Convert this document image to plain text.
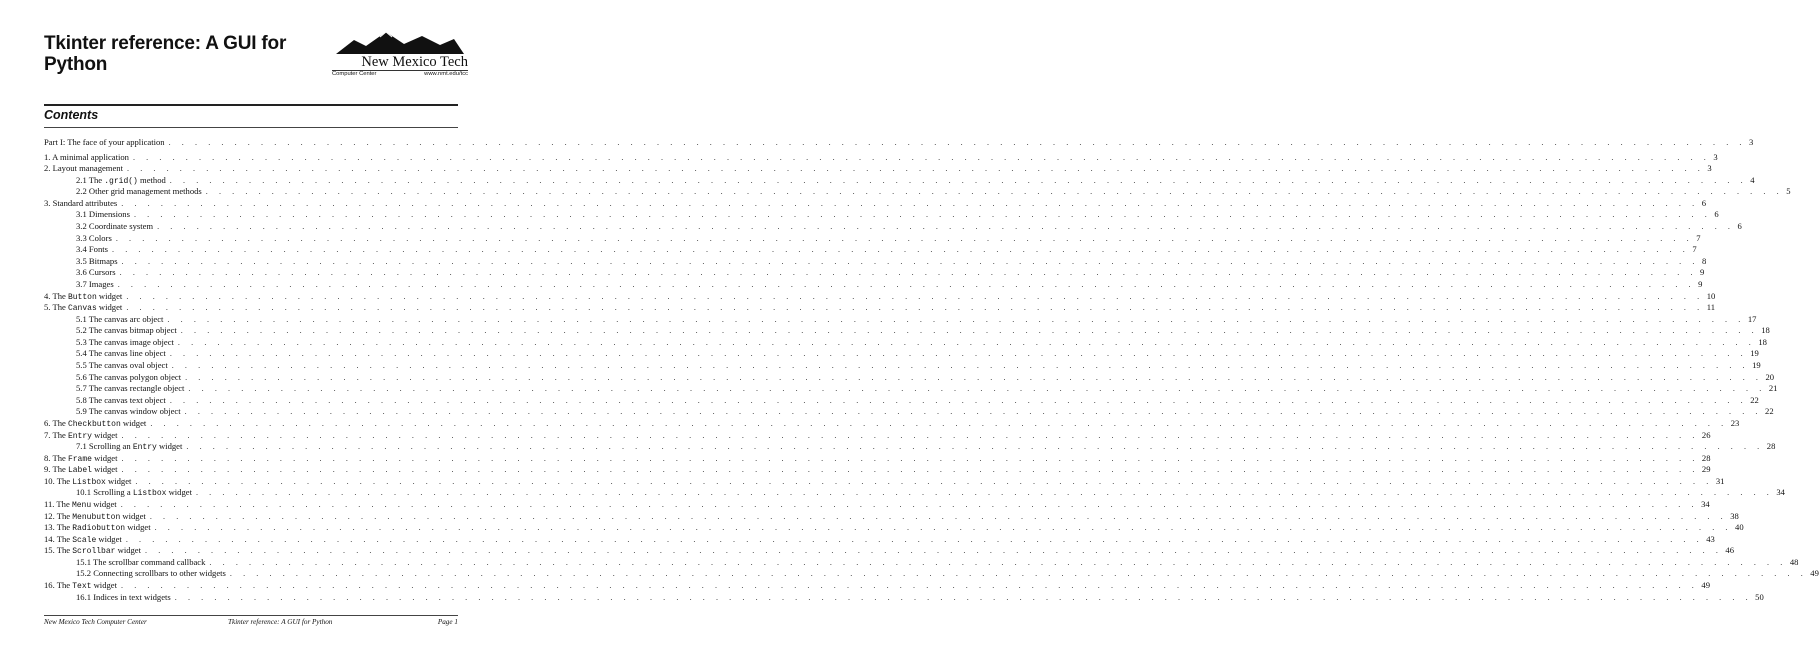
Tkinter reference: A GUI for
Python	New Mexico Tech
Computer Center	www.nmt.edu/tcc
Contents
Part I: The face of your application . . . . . . . . . . . . . . . . . . . . . . . . . . . . . . . . . . . . . . . . . . . . . . . . . . . . . . . . . . . . . . . . . . . . . . . . . . . . . . . . . . . . . . . . . . . . . . . . . . . . . . . . . . . . . . . . . . . . . . . . 3
1. A minimal application . . . . . . . . . . . . . . . . . . . . . . . . . . . . . . . . . . . . . . . . . . . . . . . . . . . . . . . . . . . . . . . . . . . . . . . . . . . . . . . . . . . . . . . . . . . . . . . . . . . . . . . . . . . . . . . . . . . . . . . . 3
2. Layout management . . . . . . . . . . . . . . . . . . . . . . . . . . . . . . . . . . . . . . . . . . . . . . . . . . . . . . . . . . . . . . . . . . . . . . . . . . . . . . . . . . . . . . . . . . . . . . . . . . . . . . . . . . . . . . . . . . . . . . . . 3
2.1 The .grid() method . . . . . . . . . . . . . . . . . . . . . . . . . . . . . . . . . . . . . . . . . . . . . . . . . . . . . . . . . . . . . . . . . . . . . . . . . . . . . . . . . . . . . . . . . . . . . . . . . . . . . . . . . . . . . . . . . . . . . . . . 4
2.2 Other grid management methods . . . . . . . . . . . . . . . . . . . . . . . . . . . . . . . . . . . . . . . . . . . . . . . . . . . . . . . . . . . . . . . . . . . . . . . . . . . . . . . . . . . . . . . . . . . . . . . . . . . . . . . . . . . . . . . . . . . . . . . . 5
3. Standard attributes . . . . . . . . . . . . . . . . . . . . . . . . . . . . . . . . . . . . . . . . . . . . . . . . . . . . . . . . . . . . . . . . . . . . . . . . . . . . . . . . . . . . . . . . . . . . . . . . . . . . . . . . . . . . . . . . . . . . . . . . 6
3.1 Dimensions . . . . . . . . . . . . . . . . . . . . . . . . . . . . . . . . . . . . . . . . . . . . . . . . . . . . . . . . . . . . . . . . . . . . . . . . . . . . . . . . . . . . . . . . . . . . . . . . . . . . . . . . . . . . . . . . . . . . . . . . 6
3.2 Coordinate system . . . . . . . . . . . . . . . . . . . . . . . . . . . . . . . . . . . . . . . . . . . . . . . . . . . . . . . . . . . . . . . . . . . . . . . . . . . . . . . . . . . . . . . . . . . . . . . . . . . . . . . . . . . . . . . . . . . . . . . . 6
3.3 Colors . . . . . . . . . . . . . . . . . . . . . . . . . . . . . . . . . . . . . . . . . . . . . . . . . . . . . . . . . . . . . . . . . . . . . . . . . . . . . . . . . . . . . . . . . . . . . . . . . . . . . . . . . . . . . . . . . . . . . . . . 7
3.4 Fonts . . . . . . . . . . . . . . . . . . . . . . . . . . . . . . . . . . . . . . . . . . . . . . . . . . . . . . . . . . . . . . . . . . . . . . . . . . . . . . . . . . . . . . . . . . . . . . . . . . . . . . . . . . . . . . . . . . . . . . . . 7
3.5 Bitmaps . . . . . . . . . . . . . . . . . . . . . . . . . . . . . . . . . . . . . . . . . . . . . . . . . . . . . . . . . . . . . . . . . . . . . . . . . . . . . . . . . . . . . . . . . . . . . . . . . . . . . . . . . . . . . . . . . . . . . . . . 8
3.6 Cursors . . . . . . . . . . . . . . . . . . . . . . . . . . . . . . . . . . . . . . . . . . . . . . . . . . . . . . . . . . . . . . . . . . . . . . . . . . . . . . . . . . . . . . . . . . . . . . . . . . . . . . . . . . . . . . . . . . . . . . . . 9
3.7 Images . . . . . . . . . . . . . . . . . . . . . . . . . . . . . . . . . . . . . . . . . . . . . . . . . . . . . . . . . . . . . . . . . . . . . . . . . . . . . . . . . . . . . . . . . . . . . . . . . . . . . . . . . . . . . . . . . . . . . . . . 9
4. The Button widget . . . . . . . . . . . . . . . . . . . . . . . . . . . . . . . . . . . . . . . . . . . . . . . . . . . . . . . . . . . . . . . . . . . . . . . . . . . . . . . . . . . . . . . . . . . . . . . . . . . . . . . . . . . . . . . . . . . . . . . . 10
5. The Canvas widget . . . . . . . . . . . . . . . . . . . . . . . . . . . . . . . . . . . . . . . . . . . . . . . . . . . . . . . . . . . . . . . . . . . . . . . . . . . . . . . . . . . . . . . . . . . . . . . . . . . . . . . . . . . . . . . . . . . . . . . . 11
5.1 The canvas arc object . . . . . . . . . . . . . . . . . . . . . . . . . . . . . . . . . . . . . . . . . . . . . . . . . . . . . . . . . . . . . . . . . . . . . . . . . . . . . . . . . . . . . . . . . . . . . . . . . . . . . . . . . . . . . . . . . . . . . . . . 17
5.2 The canvas bitmap object . . . . . . . . . . . . . . . . . . . . . . . . . . . . . . . . . . . . . . . . . . . . . . . . . . . . . . . . . . . . . . . . . . . . . . . . . . . . . . . . . . . . . . . . . . . . . . . . . . . . . . . . . . . . . . . . . . . . . . . . 18
5.3 The canvas image object . . . . . . . . . . . . . . . . . . . . . . . . . . . . . . . . . . . . . . . . . . . . . . . . . . . . . . . . . . . . . . . . . . . . . . . . . . . . . . . . . . . . . . . . . . . . . . . . . . . . . . . . . . . . . . . . . . . . . . . . 18
5.4 The canvas line object . . . . . . . . . . . . . . . . . . . . . . . . . . . . . . . . . . . . . . . . . . . . . . . . . . . . . . . . . . . . . . . . . . . . . . . . . . . . . . . . . . . . . . . . . . . . . . . . . . . . . . . . . . . . . . . . . . . . . . . . 19
5.5 The canvas oval object . . . . . . . . . . . . . . . . . . . . . . . . . . . . . . . . . . . . . . . . . . . . . . . . . . . . . . . . . . . . . . . . . . . . . . . . . . . . . . . . . . . . . . . . . . . . . . . . . . . . . . . . . . . . . . . . . . . . . . . . 19
5.6 The canvas polygon object . . . . . . . . . . . . . . . . . . . . . . . . . . . . . . . . . . . . . . . . . . . . . . . . . . . . . . . . . . . . . . . . . . . . . . . . . . . . . . . . . . . . . . . . . . . . . . . . . . . . . . . . . . . . . . . . . . . . . . . . 20
5.7 The canvas rectangle object . . . . . . . . . . . . . . . . . . . . . . . . . . . . . . . . . . . . . . . . . . . . . . . . . . . . . . . . . . . . . . . . . . . . . . . . . . . . . . . . . . . . . . . . . . . . . . . . . . . . . . . . . . . . . . . . . . . . . . . . 21
5.8 The canvas text object . . . . . . . . . . . . . . . . . . . . . . . . . . . . . . . . . . . . . . . . . . . . . . . . . . . . . . . . . . . . . . . . . . . . . . . . . . . . . . . . . . . . . . . . . . . . . . . . . . . . . . . . . . . . . . . . . . . . . . . . 22
5.9 The canvas window object . . . . . . . . . . . . . . . . . . . . . . . . . . . . . . . . . . . . . . . . . . . . . . . . . . . . . . . . . . . . . . . . . . . . . . . . . . . . . . . . . . . . . . . . . . . . . . . . . . . . . . . . . . . . . . . . . . . . . . . . 22
6. The Checkbutton widget . . . . . . . . . . . . . . . . . . . . . . . . . . . . . . . . . . . . . . . . . . . . . . . . . . . . . . . . . . . . . . . . . . . . . . . . . . . . . . . . . . . . . . . . . . . . . . . . . . . . . . . . . . . . . . . . . . . . . . . . 23
7. The Entry widget . . . . . . . . . . . . . . . . . . . . . . . . . . . . . . . . . . . . . . . . . . . . . . . . . . . . . . . . . . . . . . . . . . . . . . . . . . . . . . . . . . . . . . . . . . . . . . . . . . . . . . . . . . . . . . . . . . . . . . . . 26
7.1 Scrolling an Entry widget . . . . . . . . . . . . . . . . . . . . . . . . . . . . . . . . . . . . . . . . . . . . . . . . . . . . . . . . . . . . . . . . . . . . . . . . . . . . . . . . . . . . . . . . . . . . . . . . . . . . . . . . . . . . . . . . . . . . . . . . 28
8. The Frame widget . . . . . . . . . . . . . . . . . . . . . . . . . . . . . . . . . . . . . . . . . . . . . . . . . . . . . . . . . . . . . . . . . . . . . . . . . . . . . . . . . . . . . . . . . . . . . . . . . . . . . . . . . . . . . . . . . . . . . . . . 28
9. The Label widget . . . . . . . . . . . . . . . . . . . . . . . . . . . . . . . . . . . . . . . . . . . . . . . . . . . . . . . . . . . . . . . . . . . . . . . . . . . . . . . . . . . . . . . . . . . . . . . . . . . . . . . . . . . . . . . . . . . . . . . . 29
10. The Listbox widget . . . . . . . . . . . . . . . . . . . . . . . . . . . . . . . . . . . . . . . . . . . . . . . . . . . . . . . . . . . . . . . . . . . . . . . . . . . . . . . . . . . . . . . . . . . . . . . . . . . . . . . . . . . . . . . . . . . . . . . . 31
10.1 Scrolling a Listbox widget . . . . . . . . . . . . . . . . . . . . . . . . . . . . . . . . . . . . . . . . . . . . . . . . . . . . . . . . . . . . . . . . . . . . . . . . . . . . . . . . . . . . . . . . . . . . . . . . . . . . . . . . . . . . . . . . . . . . . . . . 34
11. The Menu widget . . . . . . . . . . . . . . . . . . . . . . . . . . . . . . . . . . . . . . . . . . . . . . . . . . . . . . . . . . . . . . . . . . . . . . . . . . . . . . . . . . . . . . . . . . . . . . . . . . . . . . . . . . . . . . . . . . . . . . . . 34
12. The Menubutton widget . . . . . . . . . . . . . . . . . . . . . . . . . . . . . . . . . . . . . . . . . . . . . . . . . . . . . . . . . . . . . . . . . . . . . . . . . . . . . . . . . . . . . . . . . . . . . . . . . . . . . . . . . . . . . . . . . . . . . . . . 38
13. The Radiobutton widget . . . . . . . . . . . . . . . . . . . . . . . . . . . . . . . . . . . . . . . . . . . . . . . . . . . . . . . . . . . . . . . . . . . . . . . . . . . . . . . . . . . . . . . . . . . . . . . . . . . . . . . . . . . . . . . . . . . . . . . . 40
14. The Scale widget . . . . . . . . . . . . . . . . . . . . . . . . . . . . . . . . . . . . . . . . . . . . . . . . . . . . . . . . . . . . . . . . . . . . . . . . . . . . . . . . . . . . . . . . . . . . . . . . . . . . . . . . . . . . . . . . . . . . . . . . 43
15. The Scrollbar widget . . . . . . . . . . . . . . . . . . . . . . . . . . . . . . . . . . . . . . . . . . . . . . . . . . . . . . . . . . . . . . . . . . . . . . . . . . . . . . . . . . . . . . . . . . . . . . . . . . . . . . . . . . . . . . . . . . . . . . . . 46
15.1 The scrollbar command callback . . . . . . . . . . . . . . . . . . . . . . . . . . . . . . . . . . . . . . . . . . . . . . . . . . . . . . . . . . . . . . . . . . . . . . . . . . . . . . . . . . . . . . . . . . . . . . . . . . . . . . . . . . . . . . . . . . . . . . . . 48
15.2 Connecting scrollbars to other widgets . . . . . . . . . . . . . . . . . . . . . . . . . . . . . . . . . . . . . . . . . . . . . . . . . . . . . . . . . . . . . . . . . . . . . . . . . . . . . . . . . . . . . . . . . . . . . . . . . . . . . . . . . . . . . . . . . . . . . . . . 49
16. The Text widget . . . . . . . . . . . . . . . . . . . . . . . . . . . . . . . . . . . . . . . . . . . . . . . . . . . . . . . . . . . . . . . . . . . . . . . . . . . . . . . . . . . . . . . . . . . . . . . . . . . . . . . . . . . . . . . . . . . . . . . . 49
16.1 Indices in text widgets . . . . . . . . . . . . . . . . . . . . . . . . . . . . . . . . . . . . . . . . . . . . . . . . . . . . . . . . . . . . . . . . . . . . . . . . . . . . . . . . . . . . . . . . . . . . . . . . . . . . . . . . . . . . . . . . . . . . . . . . 50
New Mexico Tech Computer Center	Tkinter reference: A GUI for Python	Page 1
